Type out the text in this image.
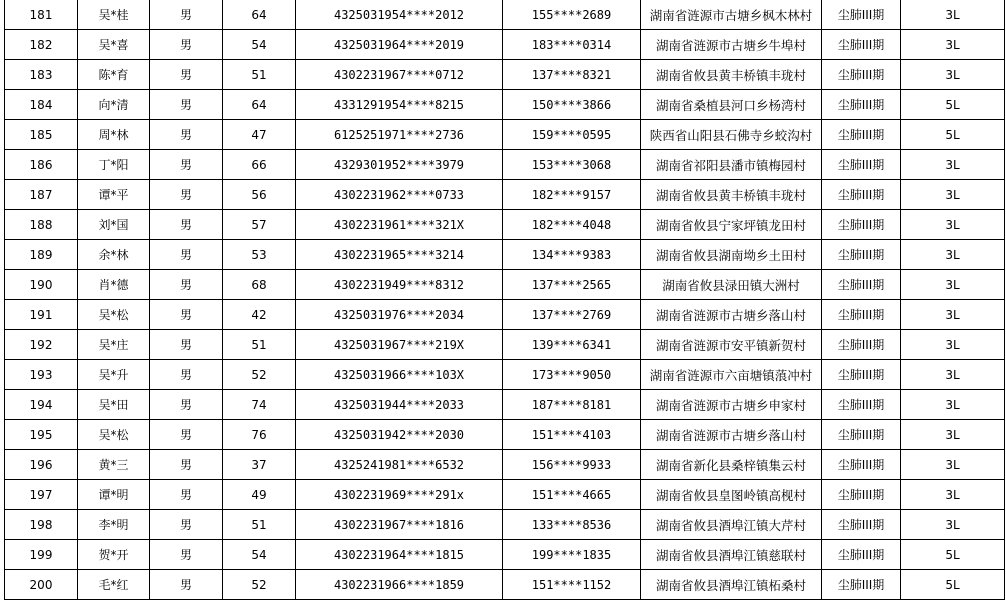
181	吴*桂	男	64	4325031954****2012	155****2689	湖南省涟源市古塘乡枫木林村	尘肺III期	3L
182	吴*喜	男	54	4325031964****2019	183****0314	湖南省涟源市古塘乡牛埠村	尘肺III期	3L
183	陈*育	男	51	4302231967****0712	137****8321	湖南省攸县黄丰桥镇丰珑村	尘肺III期	3L
184	向*清	男	64	4331291954****8215	150****3866	湖南省桑植县河口乡杨湾村	尘肺III期	5L
185	周*林	男	47	6125251971****2736	159****0595	陕西省山阳县石佛寺乡蛟沟村	尘肺III期	5L
186	丁*阳	男	66	4329301952****3979	153****3068	湖南省祁阳县潘市镇梅园村	尘肺III期	3L
187	谭*平	男	56	4302231962****0733	182****9157	湖南省攸县黄丰桥镇丰珑村	尘肺III期	3L
188	刘*国	男	57	4302231961****321X	182****4048	湖南省攸县宁家坪镇龙田村	尘肺III期	3L
189	余*林	男	53	4302231965****3214	134****9383	湖南省攸县湖南坳乡土田村	尘肺III期	3L
190	肖*德	男	68	4302231949****8312	137****2565	湖南省攸县渌田镇大洲村	尘肺III期	3L
191	吴*松	男	42	4325031976****2034	137****2769	湖南省涟源市古塘乡落山村	尘肺III期	3L
192	吴*庄	男	51	4325031967****219X	139****6341	湖南省涟源市安平镇新贺村	尘肺III期	3L
193	吴*升	男	52	4325031966****103X	173****9050	湖南省涟源市六亩塘镇蒗冲村	尘肺III期	3L
194	吴*田	男	74	4325031944****2033	187****8181	湖南省涟源市古塘乡申家村	尘肺III期	3L
195	吴*松	男	76	4325031942****2030	151****4103	湖南省涟源市古塘乡落山村	尘肺III期	3L
196	黄*三	男	37	4325241981****6532	156****9933	湖南省新化县桑梓镇集云村	尘肺III期	3L
197	谭*明	男	49	4302231969****291x	151****4665	湖南省攸县皇图岭镇高枧村	尘肺III期	3L
198	李*明	男	51	4302231967****1816	133****8536	湖南省攸县酒埠江镇大芹村	尘肺III期	3L
199	贺*开	男	54	4302231964****1815	199****1835	湖南省攸县酒埠江镇慈联村	尘肺III期	5L
200	毛*红	男	52	4302231966****1859	151****1152	湖南省攸县酒埠江镇柘桑村	尘肺III期	5L
